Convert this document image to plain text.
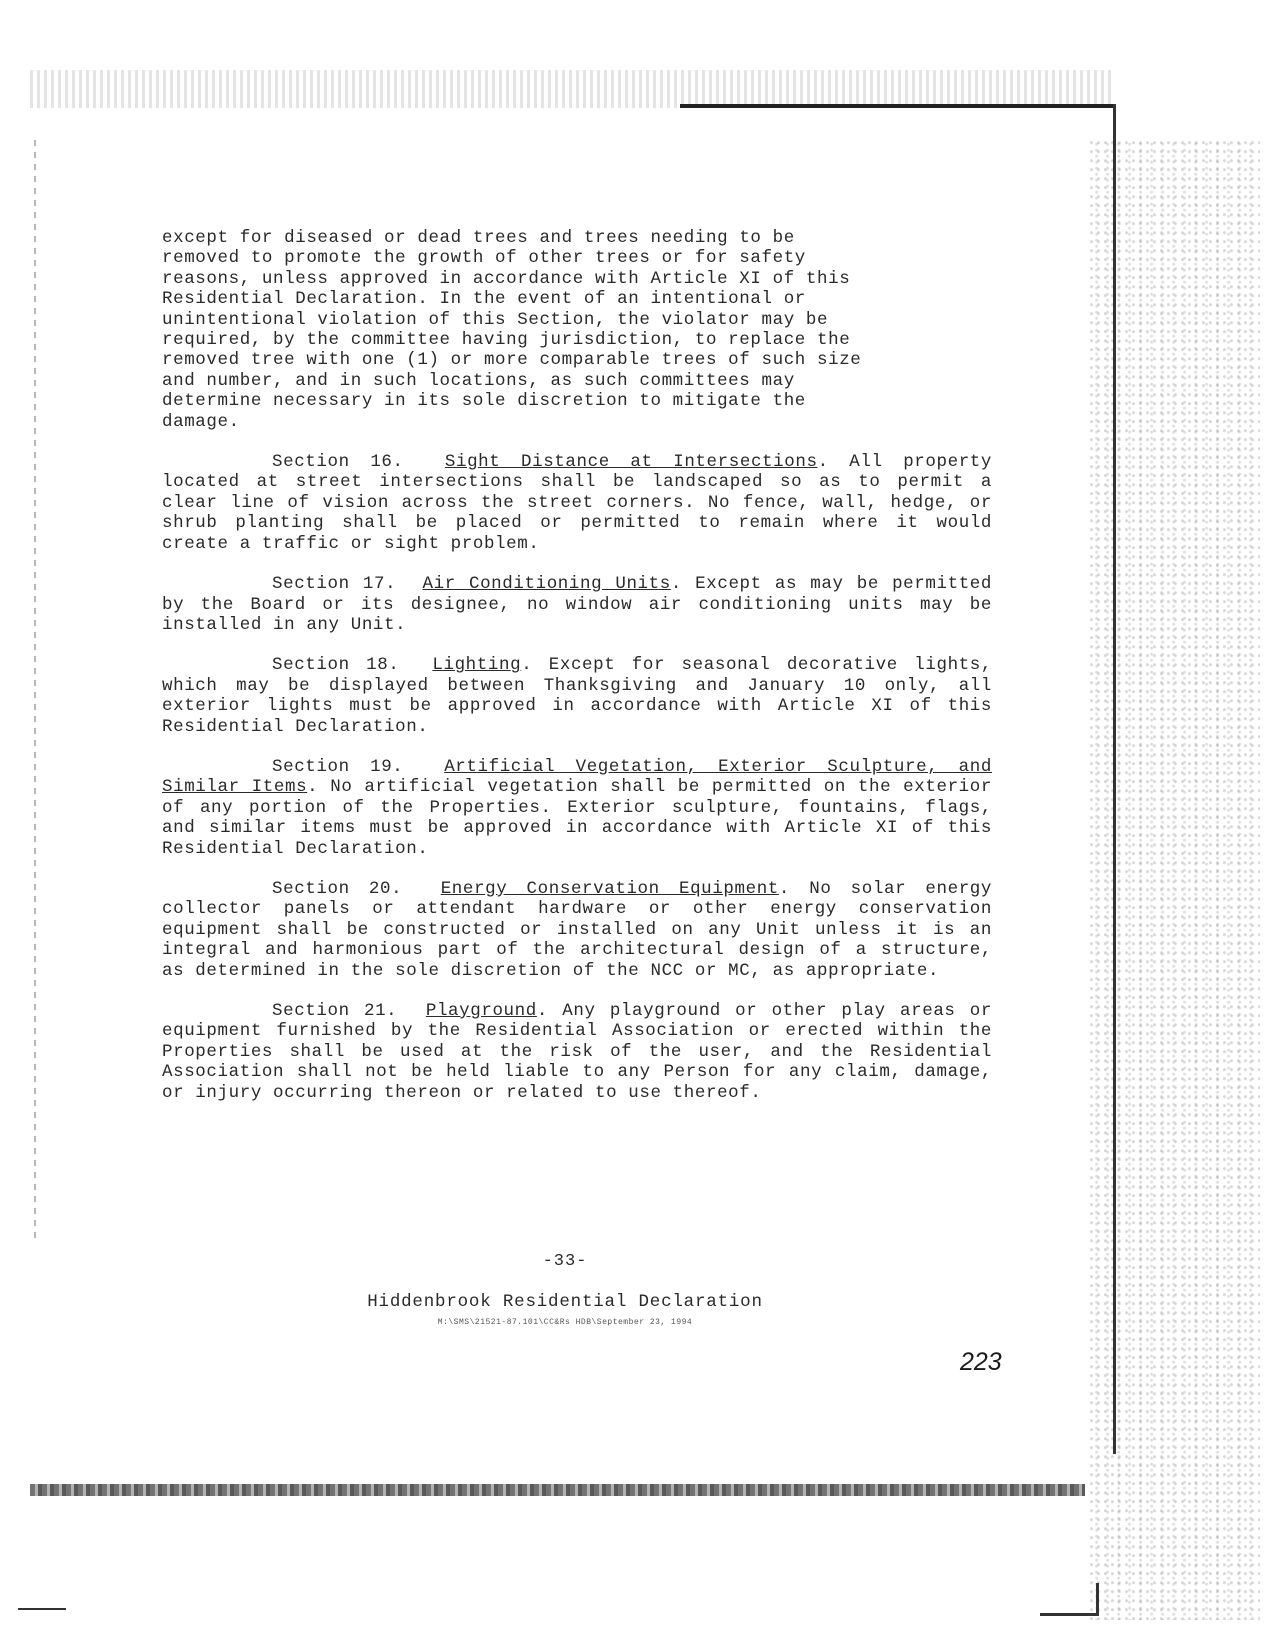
except for diseased or dead trees and trees needing to be
removed to promote the growth of other trees or for safety
reasons, unless approved in accordance with Article XI of this
Residential Declaration. In the event of an intentional or
unintentional violation of this Section, the violator may be
required, by the committee having jurisdiction, to replace the
removed tree with one (1) or more comparable trees of such size
and number, and in such locations, as such committees may
determine necessary in its sole discretion to mitigate the
damage.

Section 16. Sight Distance at Intersections. All property located at street intersections shall be landscaped so as to permit a clear line of vision across the street corners. No fence, wall, hedge, or shrub planting shall be placed or permitted to remain where it would create a traffic or sight problem.

Section 17. Air Conditioning Units. Except as may be permitted by the Board or its designee, no window air conditioning units may be installed in any Unit.

Section 18. Lighting. Except for seasonal decorative lights, which may be displayed between Thanksgiving and January 10 only, all exterior lights must be approved in accordance with Article XI of this Residential Declaration.

Section 19. Artificial Vegetation, Exterior Sculpture, and Similar Items. No artificial vegetation shall be permitted on the exterior of any portion of the Properties. Exterior sculpture, fountains, flags, and similar items must be approved in accordance with Article XI of this Residential Declaration.

Section 20. Energy Conservation Equipment. No solar energy collector panels or attendant hardware or other energy conservation equipment shall be constructed or installed on any Unit unless it is an integral and harmonious part of the architectural design of a structure, as determined in the sole discretion of the NCC or MC, as appropriate.

Section 21. Playground. Any playground or other play areas or equipment furnished by the Residential Association or erected within the Properties shall be used at the risk of the user, and the Residential Association shall not be held liable to any Person for any claim, damage, or injury occurring thereon or related to use thereof.

-33-
Hiddenbrook Residential Declaration
M:\SMS\21521-87.101\CC&Rs HDB\September 23, 1994
223
